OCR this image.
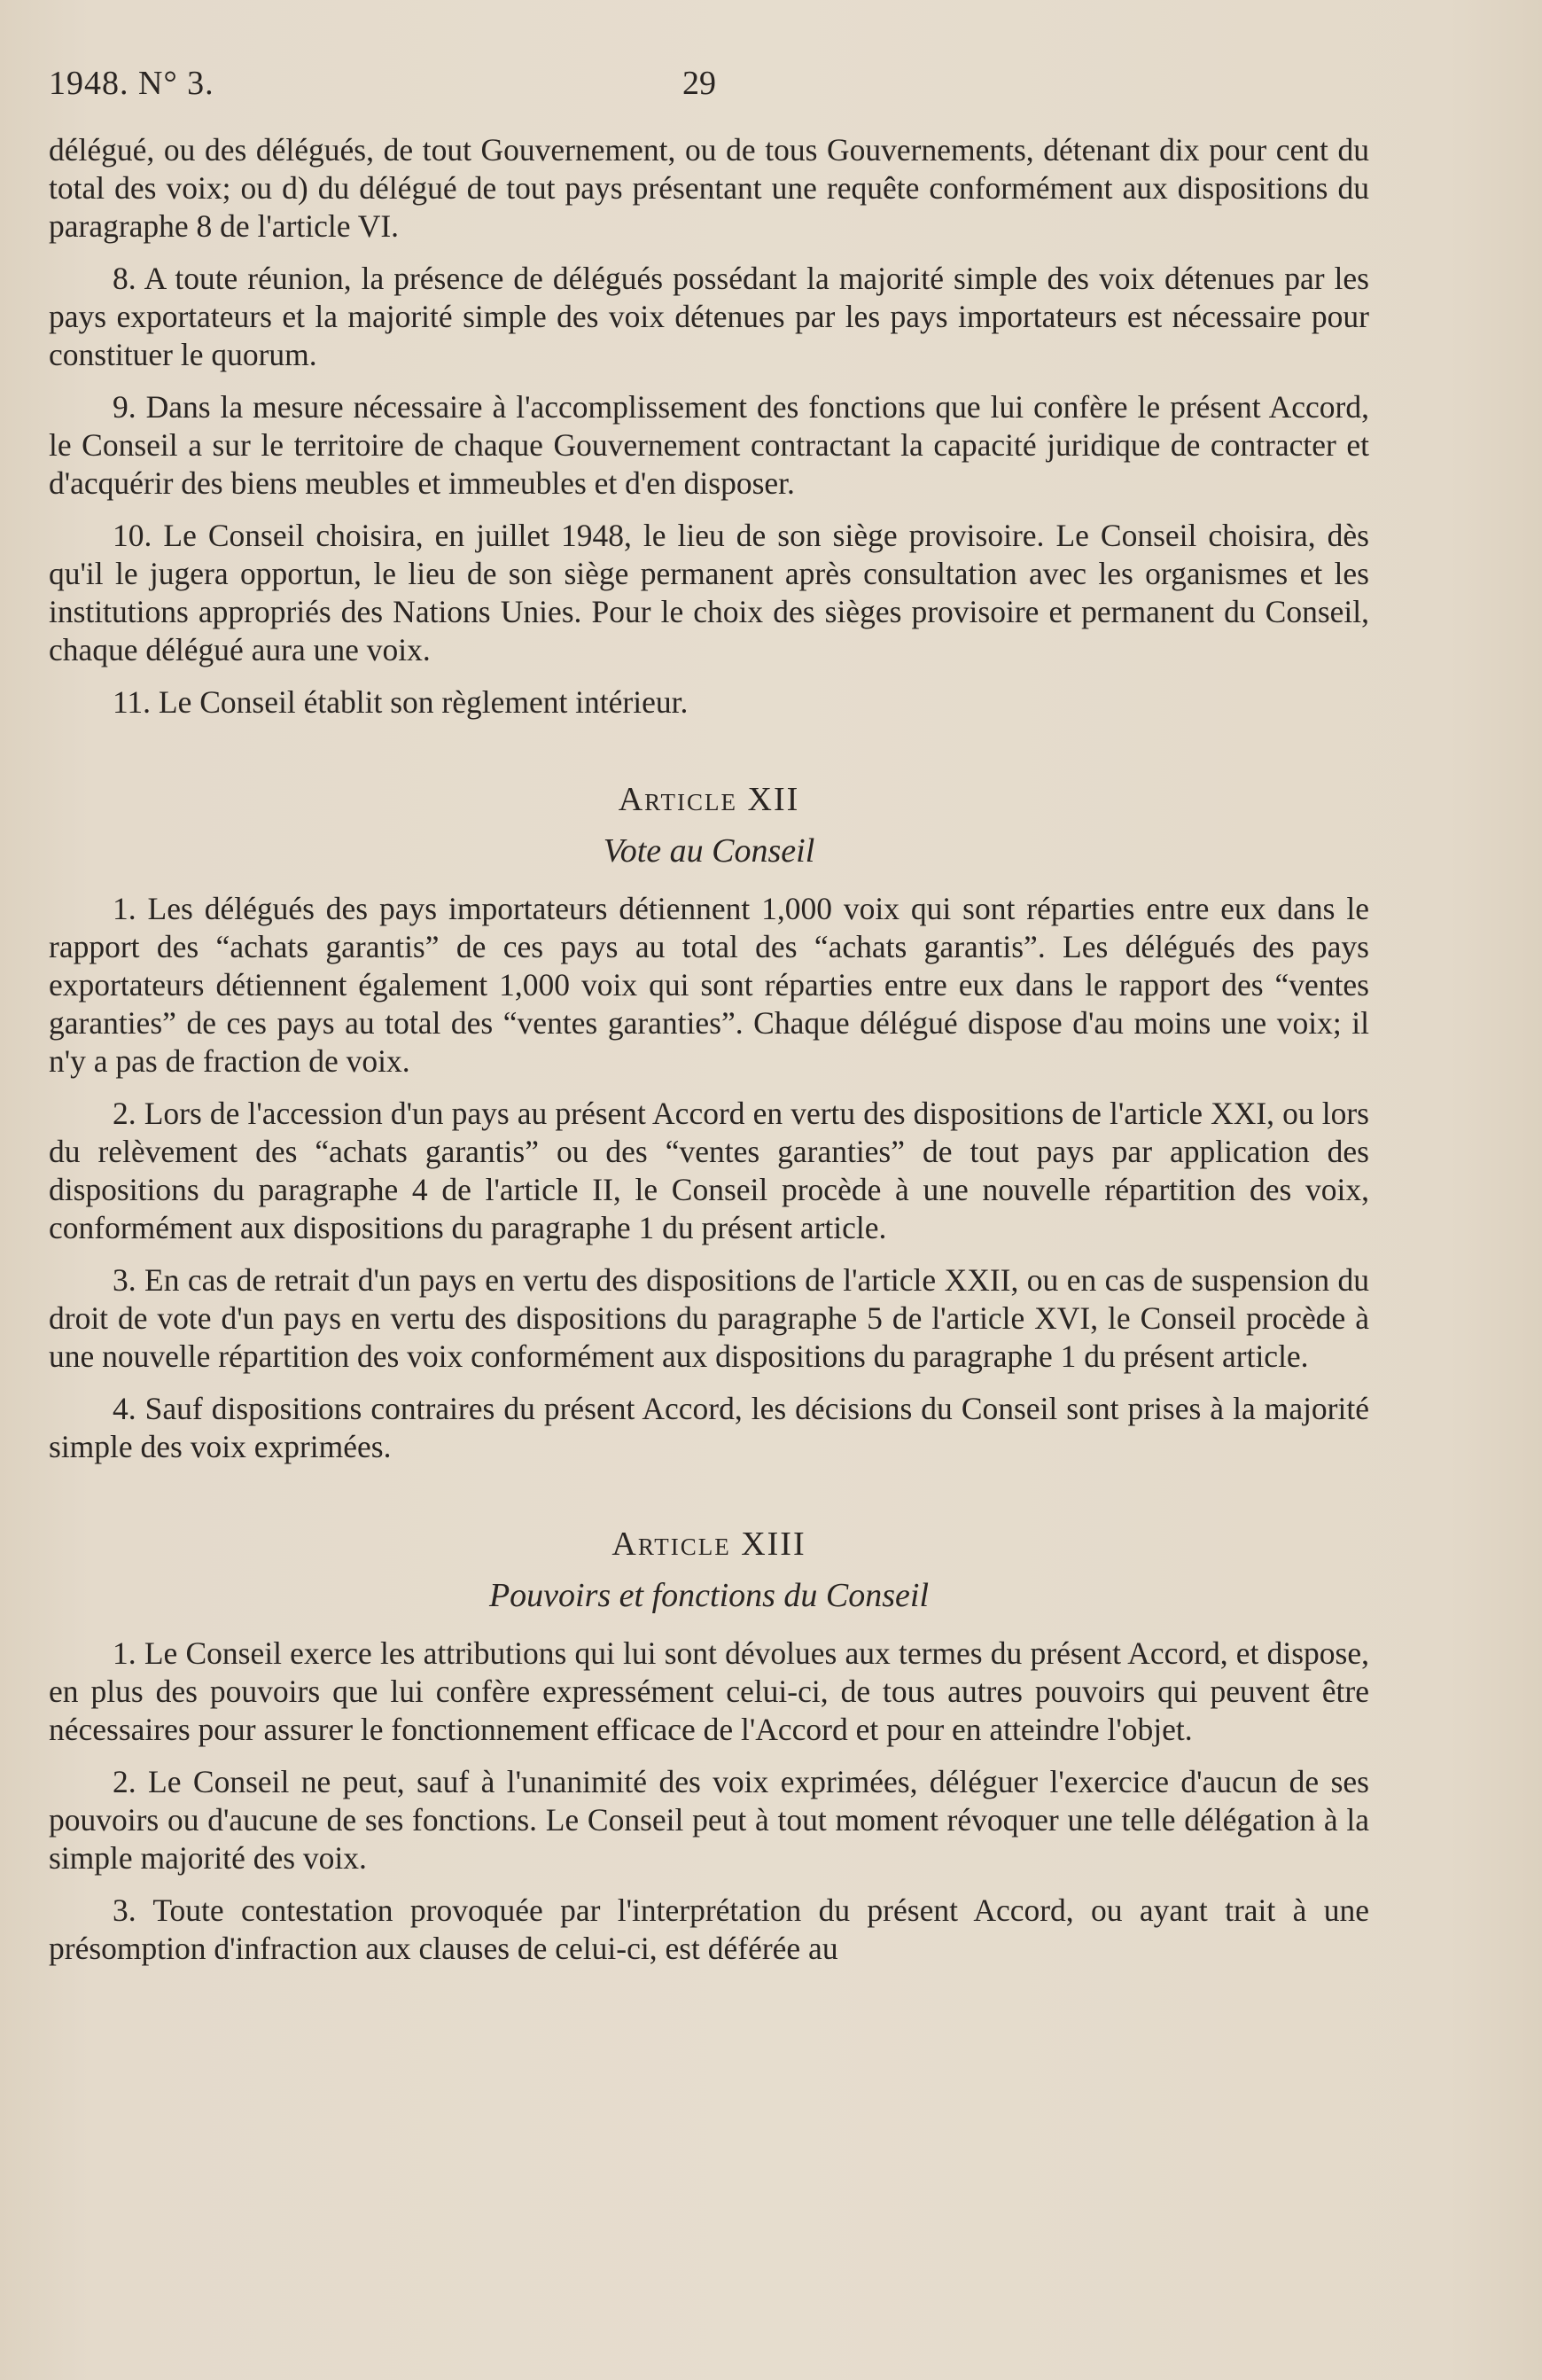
1948. N° 3.	29

délégué, ou des délégués, de tout Gouvernement, ou de tous Gouvernements, détenant dix pour cent du total des voix; ou d) du délégué de tout pays présentant une requête conformément aux dispositions du paragraphe 8 de l'article VI.

8. A toute réunion, la présence de délégués possédant la majorité simple des voix détenues par les pays exportateurs et la majorité simple des voix détenues par les pays importateurs est nécessaire pour constituer le quorum.

9. Dans la mesure nécessaire à l'accomplissement des fonctions que lui confère le présent Accord, le Conseil a sur le territoire de chaque Gouvernement contractant la capacité juridique de contracter et d'acquérir des biens meubles et immeubles et d'en disposer.

10. Le Conseil choisira, en juillet 1948, le lieu de son siège provisoire. Le Conseil choisira, dès qu'il le jugera opportun, le lieu de son siège permanent après consultation avec les organismes et les institutions appropriés des Nations Unies. Pour le choix des sièges provisoire et permanent du Conseil, chaque délégué aura une voix.

11. Le Conseil établit son règlement intérieur.

Article XII
Vote au Conseil

1. Les délégués des pays importateurs détiennent 1,000 voix qui sont réparties entre eux dans le rapport des “achats garantis” de ces pays au total des “achats garantis”. Les délégués des pays exportateurs détiennent également 1,000 voix qui sont réparties entre eux dans le rapport des “ventes garanties” de ces pays au total des “ventes garanties”. Chaque délégué dispose d'au moins une voix; il n'y a pas de fraction de voix.

2. Lors de l'accession d'un pays au présent Accord en vertu des dispositions de l'article XXI, ou lors du relèvement des “achats garantis” ou des “ventes garanties” de tout pays par application des dispositions du paragraphe 4 de l'article II, le Conseil procède à une nouvelle répartition des voix, conformément aux dispositions du paragraphe 1 du présent article.

3. En cas de retrait d'un pays en vertu des dispositions de l'article XXII, ou en cas de suspension du droit de vote d'un pays en vertu des dispositions du paragraphe 5 de l'article XVI, le Conseil procède à une nouvelle répartition des voix conformément aux dispositions du paragraphe 1 du présent article.

4. Sauf dispositions contraires du présent Accord, les décisions du Conseil sont prises à la majorité simple des voix exprimées.

Article XIII
Pouvoirs et fonctions du Conseil

1. Le Conseil exerce les attributions qui lui sont dévolues aux termes du présent Accord, et dispose, en plus des pouvoirs que lui confère expressément celui-ci, de tous autres pouvoirs qui peuvent être nécessaires pour assurer le fonctionnement efficace de l'Accord et pour en atteindre l'objet.

2. Le Conseil ne peut, sauf à l'unanimité des voix exprimées, déléguer l'exercice d'aucun de ses pouvoirs ou d'aucune de ses fonctions. Le Conseil peut à tout moment révoquer une telle délégation à la simple majorité des voix.

3. Toute contestation provoquée par l'interprétation du présent Accord, ou ayant trait à une présomption d'infraction aux clauses de celui-ci, est déférée au
